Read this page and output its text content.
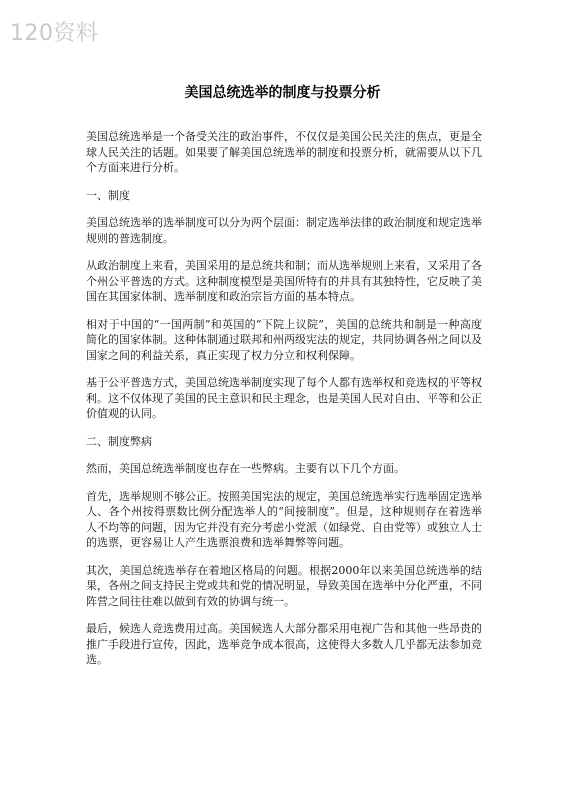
120资料
美国总统选举的制度与投票分析

美国总统选举是一个备受关注的政治事件，不仅仅是美国公民关注的焦点，更是全球人民关注的话题。如果要了解美国总统选举的制度和投票分析，就需要从以下几个方面来进行分析。

一、制度

美国总统选举的选举制度可以分为两个层面：制定选举法律的政治制度和规定选举规则的普选制度。

从政治制度上来看，美国采用的是总统共和制；而从选举规则上来看，又采用了各个州公平普选的方式。这种制度模型是美国所特有的并具有其独特性，它反映了美国在其国家体制、选举制度和政治宗旨方面的基本特点。

相对于中国的“一国两制”和英国的“下院上议院”，美国的总统共和制是一种高度简化的国家体制。这种体制通过联邦和州两级宪法的规定，共同协调各州之间以及国家之间的利益关系，真正实现了权力分立和权利保障。

基于公平普选方式，美国总统选举制度实现了每个人都有选举权和竞选权的平等权利。这不仅体现了美国的民主意识和民主理念，也是美国人民对自由、平等和公正价值观的认同。

二、制度弊病

然而，美国总统选举制度也存在一些弊病。主要有以下几个方面。

首先，选举规则不够公正。按照美国宪法的规定，美国总统选举实行选举固定选举人、各个州按得票数比例分配选举人的“间接制度”。但是，这种规则存在着选举人不均等的问题，因为它并没有充分考虑小党派（如绿党、自由党等）或独立人士的选票，更容易让人产生选票浪费和选举舞弊等问题。

其次，美国总统选举存在着地区格局的问题。根据2000年以来美国总统选举的结果，各州之间支持民主党或共和党的情况明显，导致美国在选举中分化严重，不同阵营之间往往难以做到有效的协调与统一。

最后，候选人竞选费用过高。美国候选人大部分都采用电视广告和其他一些昂贵的推广手段进行宣传，因此，选举竞争成本很高，这使得大多数人几乎都无法参加竞选。
